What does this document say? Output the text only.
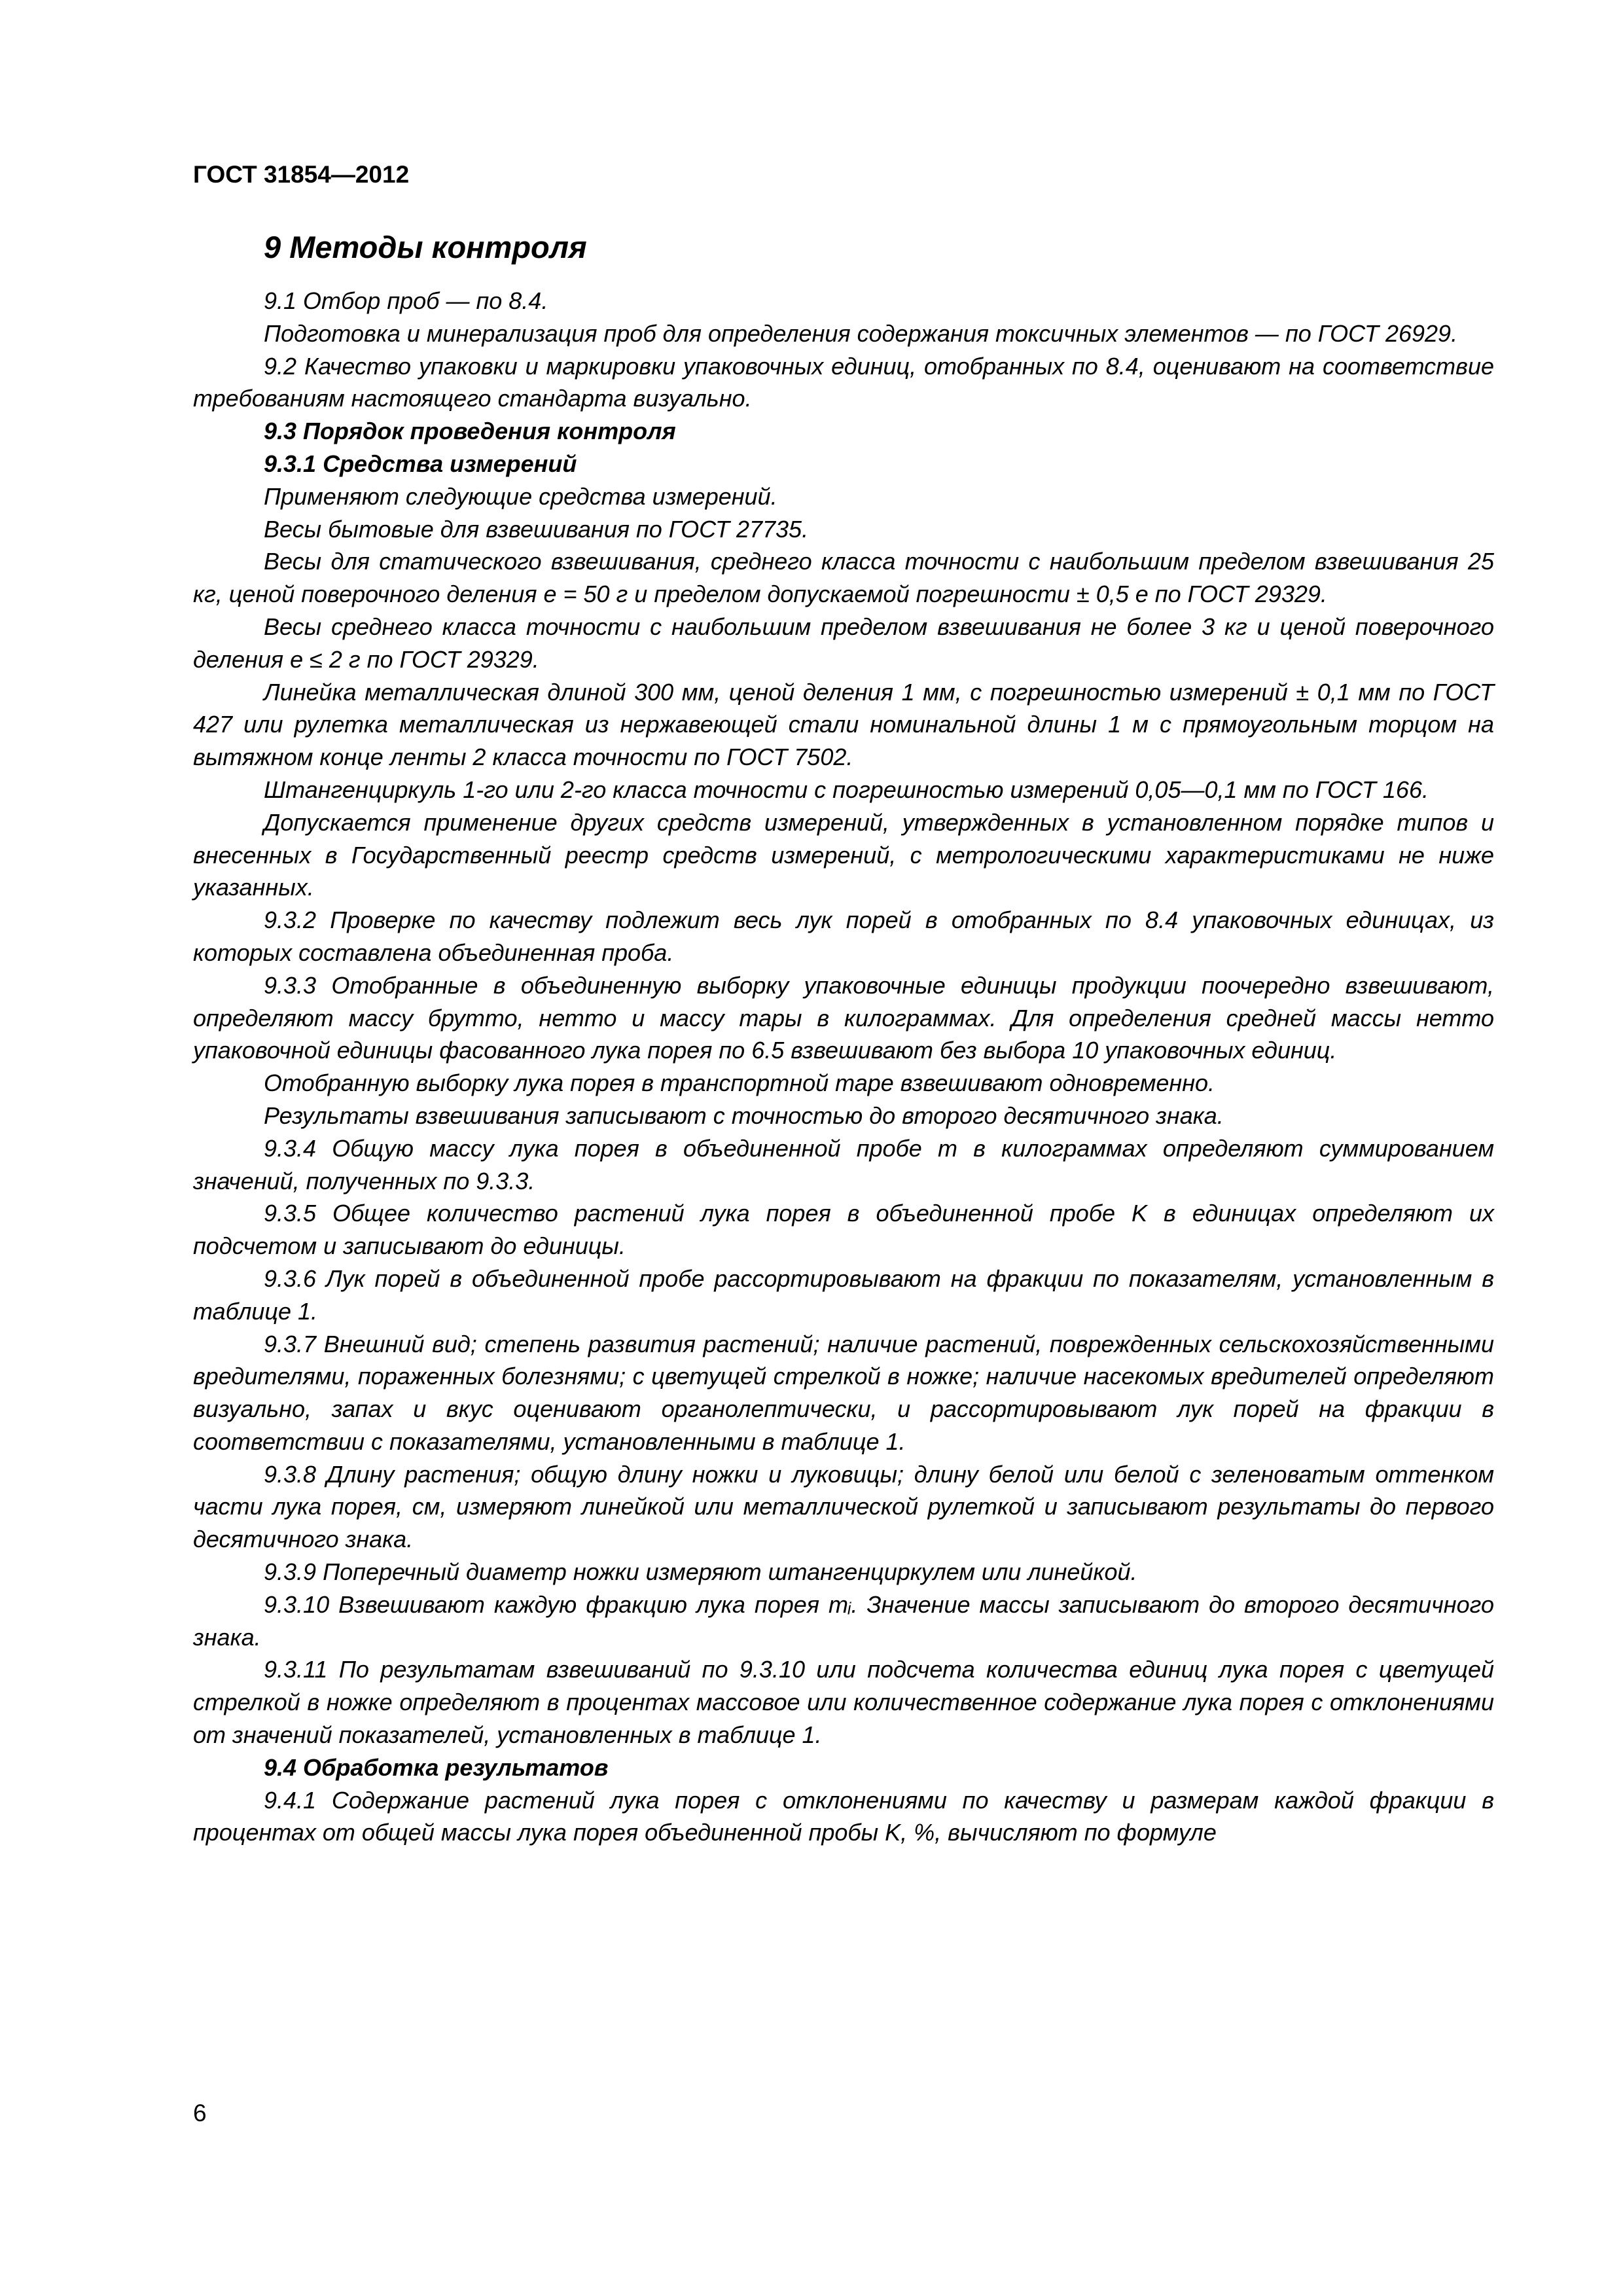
ГОСТ 31854—2012
9 Методы контроля

9.1 Отбор проб — по 8.4.

Подготовка и минерализация проб для определения содержания токсичных элементов — по ГОСТ 26929.

9.2 Качество упаковки и маркировки упаковочных единиц, отобранных по 8.4, оценивают на соответствие требованиям настоящего стандарта визуально.

9.3 Порядок проведения контроля

9.3.1 Средства измерений

Применяют следующие средства измерений.

Весы бытовые для взвешивания по ГОСТ 27735.

Весы для статического взвешивания, среднего класса точности с наибольшим пределом взвешивания 25 кг, ценой поверочного деления е = 50 г и пределом допускаемой погрешности ± 0,5 е по ГОСТ 29329.

Весы среднего класса точности с наибольшим пределом взвешивания не более 3 кг и ценой поверочного деления е ≤ 2 г по ГОСТ 29329.

Линейка металлическая длиной 300 мм, ценой деления 1 мм, с погрешностью измерений ± 0,1 мм по ГОСТ 427 или рулетка металлическая из нержавеющей стали номинальной длины 1 м с прямоугольным торцом на вытяжном конце ленты 2 класса точности по ГОСТ 7502.

Штангенциркуль 1-го или 2-го класса точности с погрешностью измерений 0,05—0,1 мм по ГОСТ 166.

Допускается применение других средств измерений, утвержденных в установленном порядке типов и внесенных в Государственный реестр средств измерений, с метрологическими характеристиками не ниже указанных.

9.3.2 Проверке по качеству подлежит весь лук порей в отобранных по 8.4 упаковочных единицах, из которых составлена объединенная проба.

9.3.3 Отобранные в объединенную выборку упаковочные единицы продукции поочередно взвешивают, определяют массу брутто, нетто и массу тары в килограммах. Для определения средней массы нетто упаковочной единицы фасованного лука порея по 6.5 взвешивают без выбора 10 упаковочных единиц.

Отобранную выборку лука порея в транспортной таре взвешивают одновременно.

Результаты взвешивания записывают с точностью до второго десятичного знака.

9.3.4 Общую массу лука порея в объединенной пробе m в килограммах определяют суммированием значений, полученных по 9.3.3.

9.3.5 Общее количество растений лука порея в объединенной пробе K в единицах определяют их подсчетом и записывают до единицы.

9.3.6 Лук порей в объединенной пробе рассортировывают на фракции по показателям, установленным в таблице 1.

9.3.7 Внешний вид; степень развития растений; наличие растений, поврежденных сельскохозяйственными вредителями, пораженных болезнями; с цветущей стрелкой в ножке; наличие насекомых вредителей определяют визуально, запах и вкус оценивают органолептически, и рассортировывают лук порей на фракции в соответствии с показателями, установленными в таблице 1.

9.3.8 Длину растения; общую длину ножки и луковицы; длину белой или белой с зеленоватым оттенком части лука порея, см, измеряют линейкой или металлической рулеткой и записывают результаты до первого десятичного знака.

9.3.9 Поперечный диаметр ножки измеряют штангенциркулем или линейкой.

9.3.10 Взвешивают каждую фракцию лука порея mᵢ. Значение массы записывают до второго десятичного знака.

9.3.11 По результатам взвешиваний по 9.3.10 или подсчета количества единиц лука порея с цветущей стрелкой в ножке определяют в процентах массовое или количественное содержание лука порея с отклонениями от значений показателей, установленных в таблице 1.

9.4 Обработка результатов

9.4.1 Содержание растений лука порея с отклонениями по качеству и размерам каждой фракции в процентах от общей массы лука порея объединенной пробы K, %, вычисляют по формуле

6
